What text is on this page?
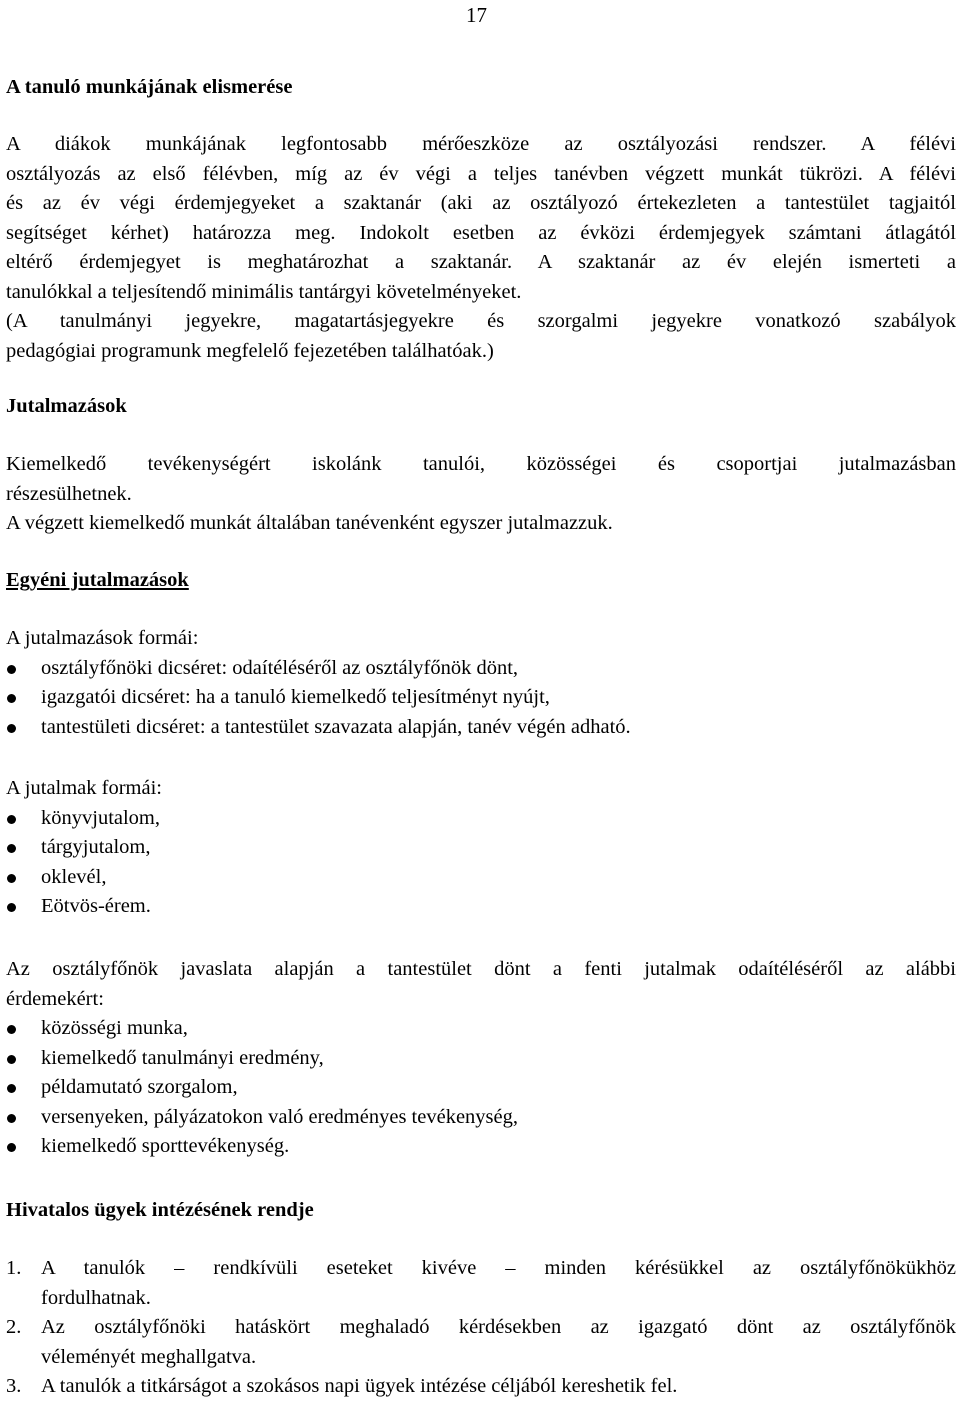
17

A tanuló munkájának elismerése

A diákok munkájának legfontosabb mérőeszköze az osztályozási rendszer. A félévi

osztályozás az első félévben, míg az év végi a teljes tanévben végzett munkát tükrözi. A félévi

és az év végi érdemjegyeket a szaktanár (aki az osztályozó értekezleten a tantestület tagjaitól

segítséget kérhet) határozza meg. Indokolt esetben az évközi érdemjegyek számtani átlagától

eltérő érdemjegyet is meghatározhat a szaktanár. A szaktanár az év elején ismerteti a

tanulókkal a teljesítendő minimális tantárgyi követelményeket.

(A tanulmányi jegyekre, magatartásjegyekre és szorgalmi jegyekre vonatkozó szabályok

pedagógiai programunk megfelelő fejezetében találhatóak.)

Jutalmazások

Kiemelkedő tevékenységért iskolánk tanulói, közösségei és csoportjai jutalmazásban

részesülhetnek.

A végzett kiemelkedő munkát általában tanévenként egyszer jutalmazzuk.

Egyéni jutalmazások

A jutalmazások formái:

osztályfőnöki dicséret: odaítéléséről az osztályfőnök dönt,
igazgatói dicséret: ha a tanuló kiemelkedő teljesítményt nyújt,
tantestületi dicséret: a tantestület szavazata alapján, tanév végén adható.

A jutalmak formái:

könyvjutalom,
tárgyjutalom,
oklevél,
Eötvös-érem.

Az osztályfőnök javaslata alapján a tantestület dönt a fenti jutalmak odaítéléséről az alábbi

érdemekért:

közösségi munka,
kiemelkedő tanulmányi eredmény,
példamutató szorgalom,
versenyeken, pályázatokon való eredményes tevékenység,
kiemelkedő sporttevékenység.

Hivatalos ügyek intézésének rendje

1. A tanulók – rendkívüli eseteket kivéve – minden kérésükkel az osztályfőnökükhöz

fordulhatnak.

2. Az osztályfőnöki hatáskört meghaladó kérdésekben az igazgató dönt az osztályfőnök

véleményét meghallgatva.

3. A tanulók a titkárságot a szokásos napi ügyek intézése céljából kereshetik fel.
